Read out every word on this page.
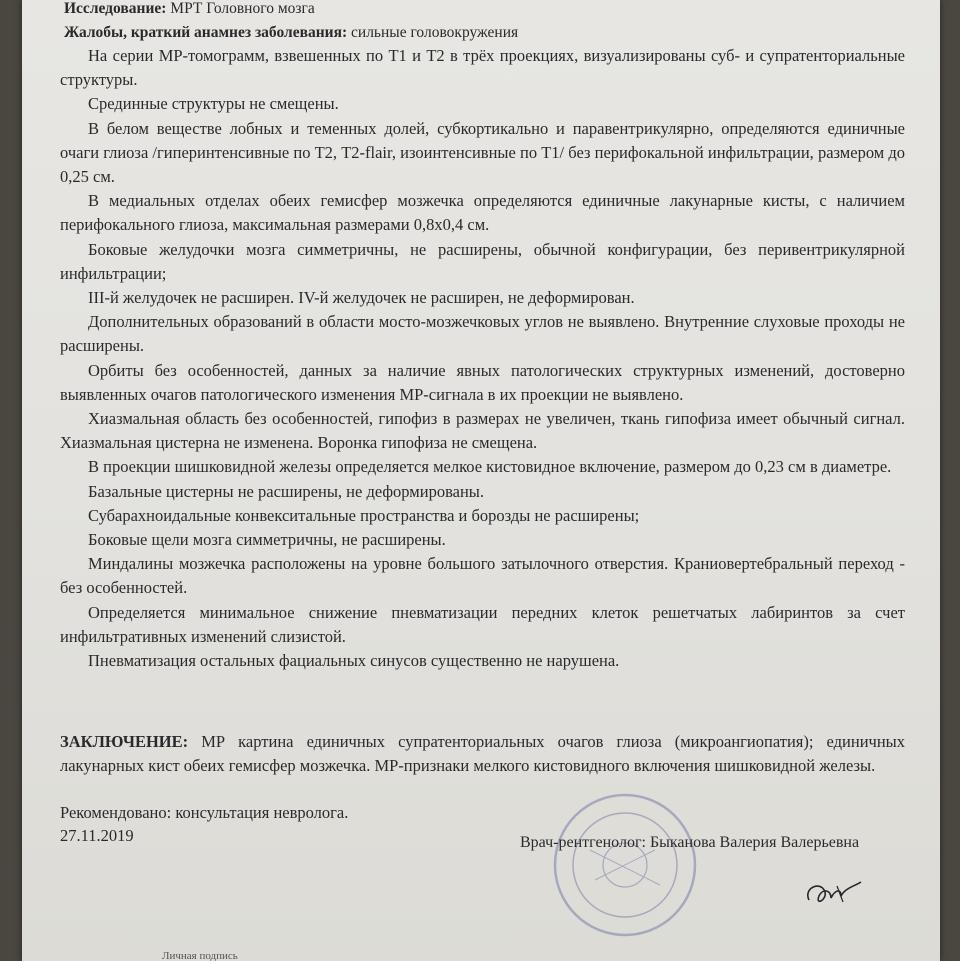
Исследование: МРТ Головного мозга
Жалобы, краткий анамнез заболевания: сильные головокружения

На серии МР-томограмм, взвешенных по Т1 и Т2 в трёх проекциях, визуализированы суб- и супратенториальные структуры.

Срединные структуры не смещены.

В белом веществе лобных и теменных долей, субкортикально и паравентрикулярно, определяются единичные очаги глиоза /гиперинтенсивные по Т2, T2-flair, изоинтенсивные по Т1/ без перифокальной инфильтрации, размером до 0,25 см.

В медиальных отделах обеих гемисфер мозжечка определяются единичные лакунарные кисты, с наличием перифокального глиоза, максимальная размерами 0,8х0,4 см.

Боковые желудочки мозга симметричны, не расширены, обычной конфигурации, без перивентрикулярной инфильтрации;

III-й желудочек не расширен. IV-й желудочек не расширен, не деформирован.

Дополнительных образований в области мосто-мозжечковых углов не выявлено. Внутренние слуховые проходы не расширены.

Орбиты без особенностей, данных за наличие явных патологических структурных изменений, достоверно выявленных очагов патологического изменения МР-сигнала в их проекции не выявлено.

Хиазмальная область без особенностей, гипофиз в размерах не увеличен, ткань гипофиза имеет обычный сигнал. Хиазмальная цистерна не изменена. Воронка гипофиза не смещена.

В проекции шишковидной железы определяется мелкое кистовидное включение, размером до 0,23 см в диаметре.

Базальные цистерны не расширены, не деформированы.

Субарахноидальные конвекситальные пространства и борозды не расширены;

Боковые щели мозга симметричны, не расширены.

Миндалины мозжечка расположены на уровне большого затылочного отверстия. Краниовертебральный переход - без особенностей.

Определяется минимальное снижение пневматизации передних клеток решетчатых лабиринтов за счет инфильтративных изменений слизистой.

Пневматизация остальных фациальных синусов существенно не нарушена.

ЗАКЛЮЧЕНИЕ: МР картина единичных супратенториальных очагов глиоза (микроангиопатия); единичных лакунарных кист обеих гемисфер мозжечка. МР-признаки мелкого кистовидного включения шишковидной железы.

Рекомендовано: консультация невролога.
27.11.2019	Врач-рентгенолог: Быканова Валерия Валерьевна
Личная подпись
